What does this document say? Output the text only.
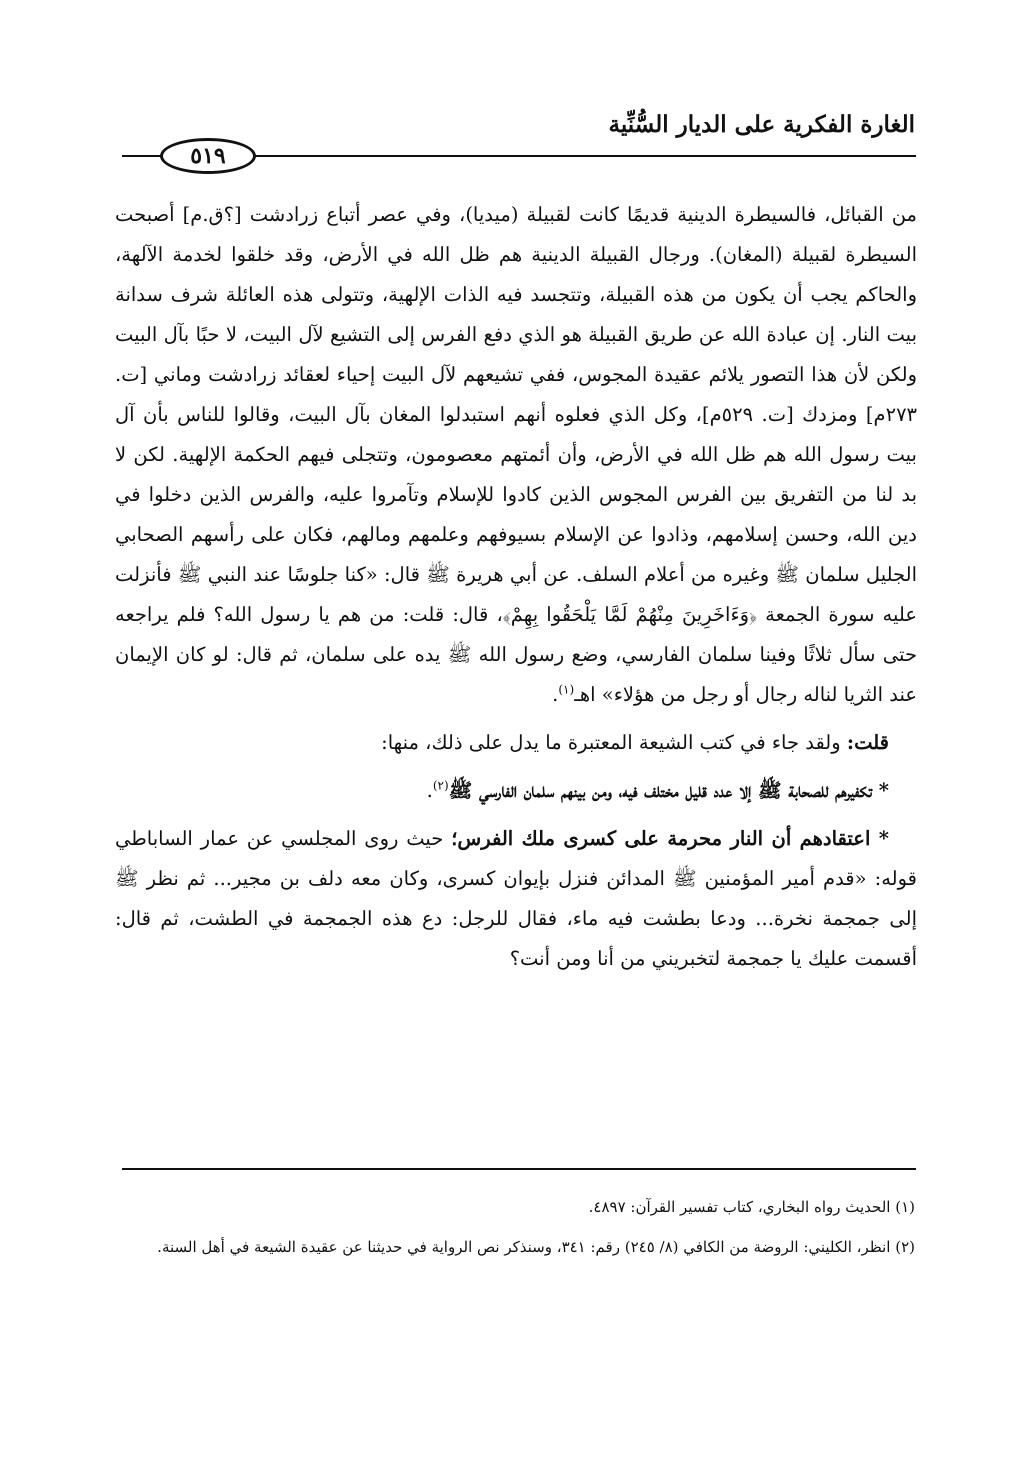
الغارة الفكرية على الديار السُّنِّية
٥١٩

من القبائل، فالسيطرة الدينية قديمًا كانت لقبيلة (ميديا)، وفي عصر أتباع زرادشت [؟ق.م] أصبحت السيطرة لقبيلة (المغان). ورجال القبيلة الدينية هم ظل الله في الأرض، وقد خلقوا لخدمة الآلهة، والحاكم يجب أن يكون من هذه القبيلة، وتتجسد فيه الذات الإلهية، وتتولى هذه العائلة شرف سدانة بيت النار. إن عبادة الله عن طريق القبيلة هو الذي دفع الفرس إلى التشيع لآل البيت، لا حبًا بآل البيت ولكن لأن هذا التصور يلائم عقيدة المجوس، ففي تشيعهم لآل البيت إحياء لعقائد زرادشت وماني [ت. ٢٧٣م] ومزدك [ت. ٥٢٩م]، وكل الذي فعلوه أنهم استبدلوا المغان بآل البيت، وقالوا للناس بأن آل بيت رسول الله هم ظل الله في الأرض، وأن أئمتهم معصومون، وتتجلى فيهم الحكمة الإلهية. لكن لا بد لنا من التفريق بين الفرس المجوس الذين كادوا للإسلام وتآمروا عليه، والفرس الذين دخلوا في دين الله، وحسن إسلامهم، وذادوا عن الإسلام بسيوفهم وعلمهم ومالهم، فكان على رأسهم الصحابي الجليل سلمان ﷺ وغيره من أعلام السلف. عن أبي هريرة ﷺ قال: «كنا جلوسًا عند النبي ﷺ فأنزلت عليه سورة الجمعة ﴿وَءَاخَرِينَ مِنْهُمْ لَمَّا يَلْحَقُوا بِهِمْ﴾، قال: قلت: من هم يا رسول الله؟ فلم يراجعه حتى سأل ثلاثًا وفينا سلمان الفارسي، وضع رسول الله ﷺ يده على سلمان، ثم قال: لو كان الإيمان عند الثريا لناله رجال أو رجل من هؤلاء» اهـ$^{(١)}$.

قلت: ولقد جاء في كتب الشيعة المعتبرة ما يدل على ذلك، منها:

* تكفيرهم للصحابة ﷺ إلا عدد قليل مختلف فيه، ومن بينهم سلمان الفارسي ﷺ$^{(٢)}$.

* اعتقادهم أن النار محرمة على كسرى ملك الفرس؛ حيث روى المجلسي عن عمار الساباطي قوله: «قدم أمير المؤمنين ﷺ المدائن فنزل بإيوان كسرى، وكان معه دلف بن مجير... ثم نظر ﷺ إلى جمجمة نخرة... ودعا بطشت فيه ماء، فقال للرجل: دع هذه الجمجمة في الطشت، ثم قال: أقسمت عليك يا جمجمة لتخبريني من أنا ومن أنت؟

(١) الحديث رواه البخاري، كتاب تفسير القرآن: ٤٨٩٧.

(٢) انظر، الكليني: الروضة من الكافي (٨/ ٢٤٥) رقم: ٣٤١، وسنذكر نص الرواية في حديثنا عن عقيدة الشيعة في أهل السنة.
